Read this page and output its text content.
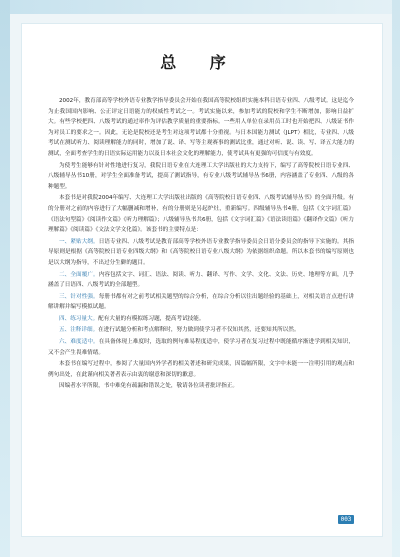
总 序

2002年，教育部高等学校外语专业教学指导委员会开始在我国高等院校组织实施本科日语专业四、八级考试。这是迄今为止我国国内影响、公正评定日语能力的权威性考试之一。考试实施以来，参加考试的院校和学生不断增加，影响日益扩大。有些学校把四、八级考试的通过率作为评估教学质量的重要指标。一些用人单位在录用员工时也开始把四、八级证书作为对员工的要求之一。因此，无论是院校还是考生对这项考试都十分重视。与日本国能力测试（JLPT）相比，专业四、八级考试在测试听力、阅读理解能力的同时，增加了说、译、写等主观赛事的测试比重，通过对听、说、读、写、译五大能力的测试，全面考查学生的日语实际运用能力以及日本社会文化的理解能力，使考试具有更强的可信度与有效度。

为使考生能够有针对性地进行复习，我院日语专业在大连理工大学出版社的大力支持下，编写了高等院校日语专业四、八级辅导丛书10册，对学生全面准备考试，提高了测试指导，有专业八级考试辅导丛书6册，内容涵盖了专业四、八级的各种题型。

本套书是对我院2004年编写、大连理工大学出版社出版的《高等院校日语专业四、八级考试辅导丛书》的全面升级。有的分册对之前的内容进行了大幅删减和增补，有的分册则是另起炉灶，重新编写。四级辅导丛书4册，包括《文字词汇篇》《语法句型篇》《阅读作文篇》《听力理解篇》；八级辅导丛书共6册，包括《文字词汇篇》《语法读语篇》《翻译作文篇》《听力理解篇》《阅读篇》《文法文学文化篇》。该套书的主要特点是：

一、紧贴大纲。日语专业四、八级考试是教育部高等学校外语专业教学指导委员会日语分委员会的指导下实施的。其指导原则是根据《高等院校日语专业四级大纲》和《高等院校日语专业八级大纲》为依据组织命题。所以本套书的编写原则也是以大纲为指导，不出过分生僻的题目。

二、全面覆广。内容包括文字、词汇、语法、阅读、听力、翻译、写作、文学、文化、文法、历史、地理等方面，几乎涵盖了日语四、八级考试的全部题型。

三、针对性强。每册书都有对之前考试相关题型的综合分析，在综合分析以往出题经验的基础上，对相关语言点进行讲解讲解并编写模拟试题。

四、练习量大。配有大量的有模拟练习题，提高考试技能。

五、注释详细。在进行试题分析和考点解释时，努力做到使学习者不仅知其然，还要知其所以然。

六、难度适中。在具备体现上难度时，选取的例句难易程度适中，使学习者在复习过程中既能循序渐进学到相关知识，又不会产生畏难情绪。

本套书在编写过程中，参阅了大量国内外学者的相关著述和研究成果，因篇幅所限，文字中未能一一注明引用的观点和例句出处，在此谨向相关著者表示由衷的谢意和深切的歉意。

因编者水平所限，书中难免有疏漏和错误之处，敬请各位读者批评指正。

003
